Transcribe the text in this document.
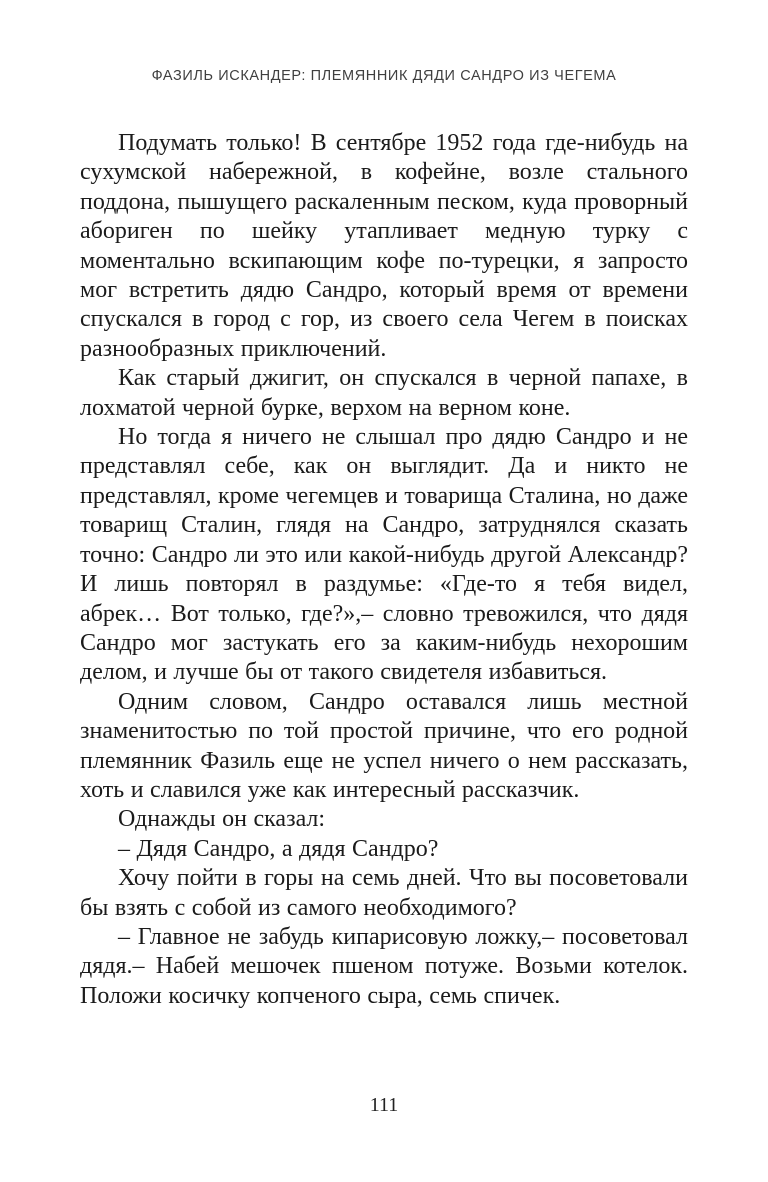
ФАЗИЛЬ ИСКАНДЕР: ПЛЕМЯННИК ДЯДИ САНДРО ИЗ ЧЕГЕМА

Подумать только! В сентябре 1952 года где-нибудь на сухумской набережной, в кофейне, возле стального поддона, пышущего раскаленным песком, куда проворный абориген по шейку утапливает медную турку с моментально вскипающим кофе по-турецки, я запросто мог встретить дядю Сандро, который время от времени спускался в город с гор, из своего села Чегем в поисках разнообразных приключений.

Как старый джигит, он спускался в черной папахе, в лохматой черной бурке, верхом на верном коне.

Но тогда я ничего не слышал про дядю Сандро и не представлял себе, как он выглядит. Да и никто не представлял, кроме чегемцев и товарища Сталина, но даже товарищ Сталин, глядя на Сандро, затруднялся сказать точно: Сандро ли это или какой-нибудь другой Александр? И лишь повторял в раздумье: «Где-то я тебя видел, абрек… Вот только, где?»,– словно тревожился, что дядя Сандро мог застукать его за каким-нибудь нехорошим делом, и лучше бы от такого свидетеля избавиться.

Одним словом, Сандро оставался лишь местной знаменитостью по той простой причине, что его родной племянник Фазиль еще не успел ничего о нем рассказать, хоть и славился уже как интересный рассказчик.

Однажды он сказал:

– Дядя Сандро, а дядя Сандро?

Хочу пойти в горы на семь дней. Что вы посоветовали бы взять с собой из самого необходимого?

– Главное не забудь кипарисовую ложку,– посоветовал дядя.– Набей мешочек пшеном потуже. Возьми котелок. Положи косичку копченого сыра, семь спичек.

111
